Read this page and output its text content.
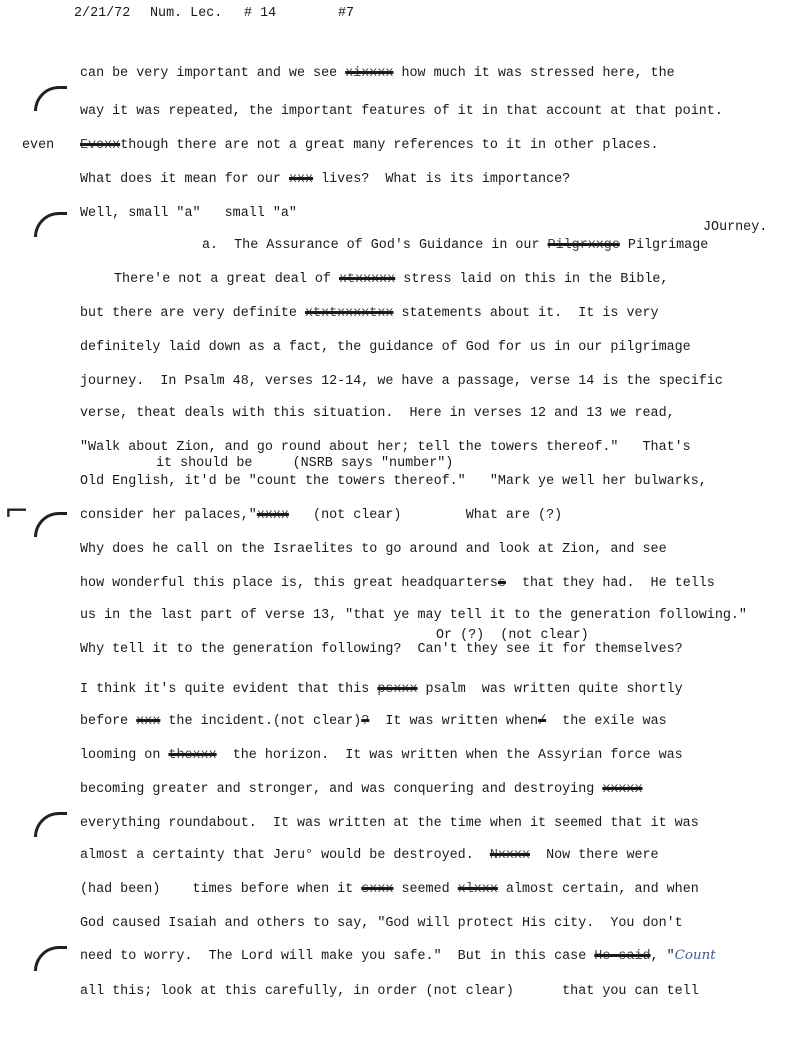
2/21/72 Num. Lec. # 14	#7
even
JOurney.
⌐
can be very important and we see xixxxx how much it was stressed here, the
way it was repeated, the important features of it in that account at that point.
Evexxthough there are not a great many references to it in other places.
What does it mean for our xxx lives?  What is its importance?
Well, small "a"   small "a"
a.  The Assurance of God's Guidance in our Pilgrxxge Pilgrimage
There'e not a great deal of xtxxxxx stress laid on this in the Bible,
but there are very definite xtxtxxxxtxx statements about it.  It is very
definitely laid down as a fact, the guidance of God for us in our pilgrimage
journey.  In Psalm 48, verses 12-14, we have a passage, verse 14 is the specific
verse, theat deals with this situation.  Here in verses 12 and 13 we read,
"Walk about Zion, and go round about her; tell the towers thereof."   That's
it should be     (NSRB says "number")
Old English, it'd be "count the towers thereof."   "Mark ye well her bulwarks,
consider her palaces,"xxxx   (not clear)        What are (?)
Why does he call on the Israelites to go around and look at Zion, and see
how wonderful this place is, this great headquarterss  that they had.  He tells
us in the last part of verse 13, "that ye may tell it to the generation following."
Or (?)  (not clear)
Why tell it to the generation following?  Can't they see it for themselves?
I think it's quite evident that this psxxx psalm  was written quite shortly
before xxx the incident.(not clear)?  It was written when/  the exile was
looming on thexxx  the horizon.  It was written when the Assyrian force was
becoming greater and stronger, and was conquering and destroying xxxxx
everything roundabout.  It was written at the time when it seemed that it was
almost a certainty that Jeru° would be destroyed.  Nxxxx  Now there were
(had been)    times before when it sxxx seemed xlxxx almost certain, and when
God caused Isaiah and others to say, "God will protect His city.  You don't
need to worry.  The Lord will make you safe."  But in this case He said, "Count
all this; look at this carefully, in order (not clear)      that you can tell
